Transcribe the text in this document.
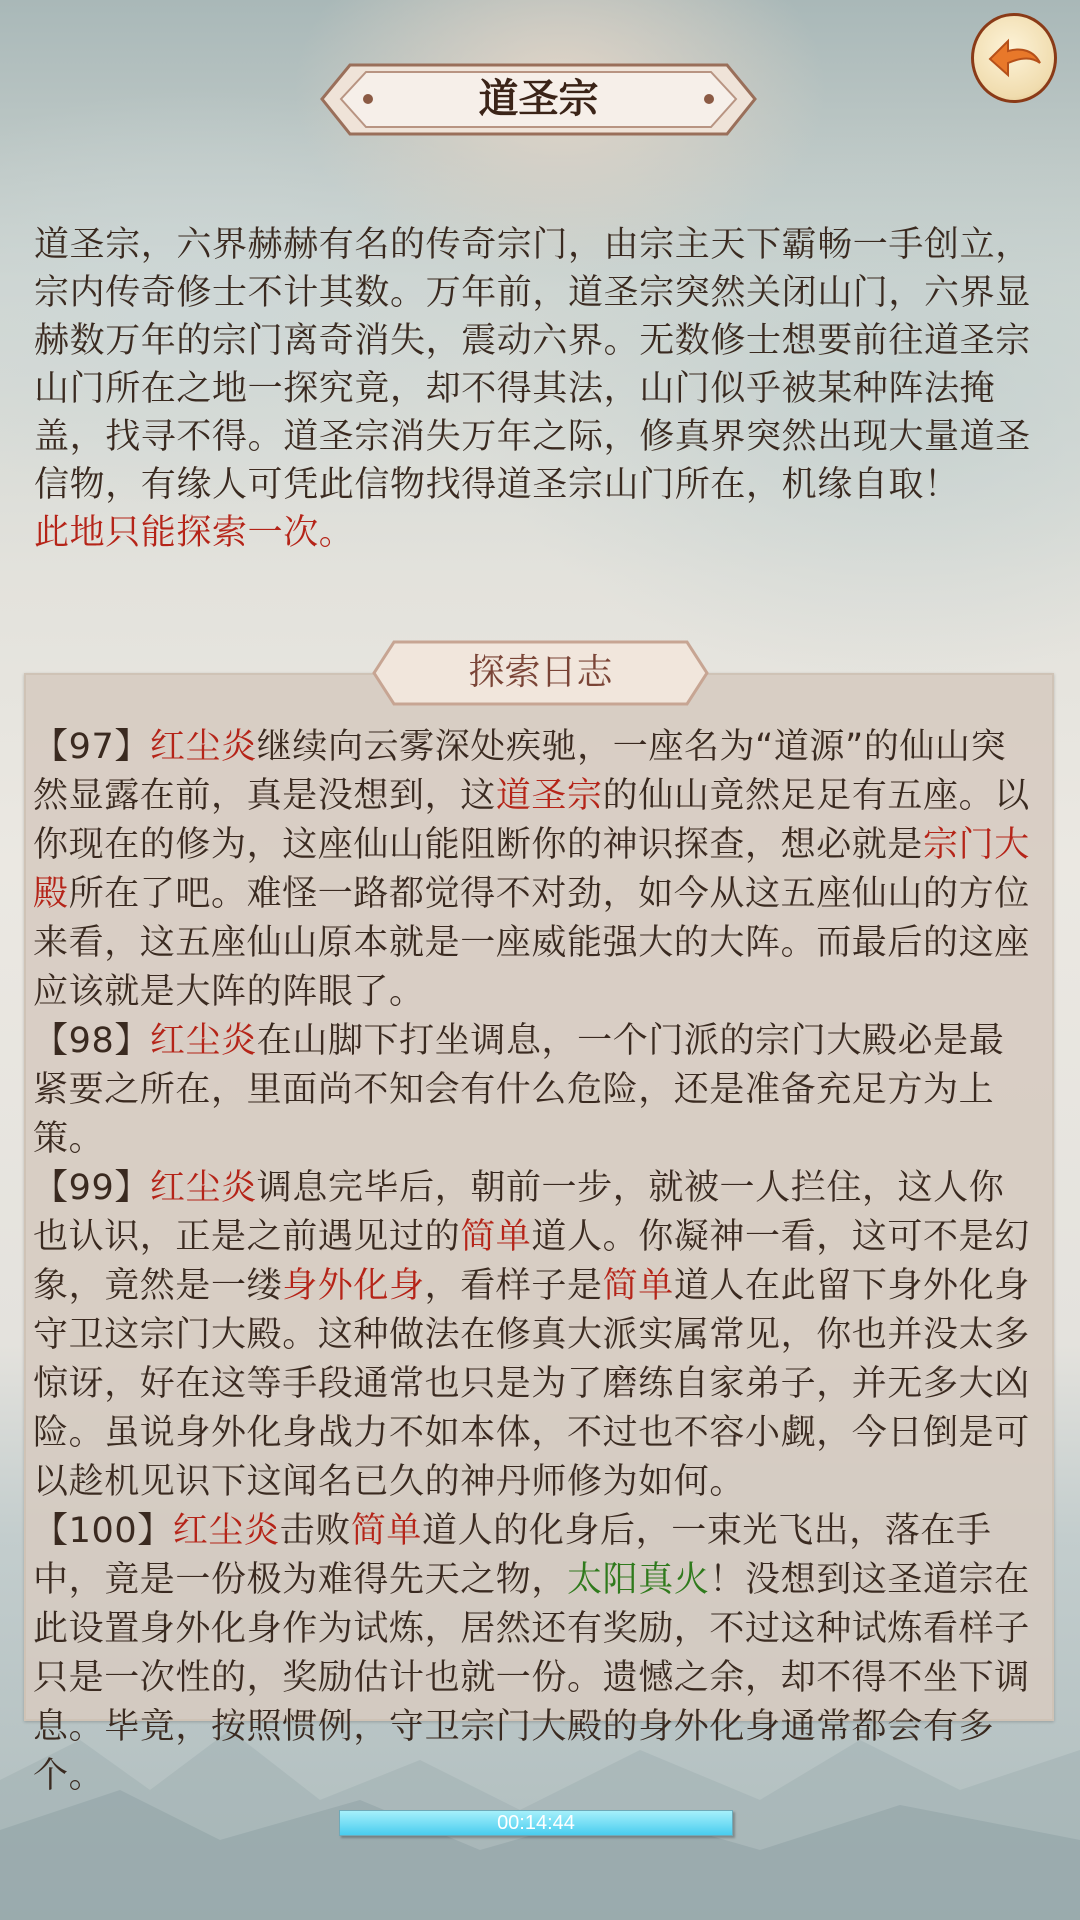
道圣宗
道圣宗，六界赫赫有名的传奇宗门，由宗主天下霸畅一手创立，宗内传奇修士不计其数。万年前，道圣宗突然关闭山门，六界显赫数万年的宗门离奇消失，震动六界。无数修士想要前往道圣宗山门所在之地一探究竟，却不得其法，山门似乎被某种阵法掩盖，找寻不得。道圣宗消失万年之际，修真界突然出现大量道圣信物，有缘人可凭此信物找得道圣宗山门所在，机缘自取！
此地只能探索一次。
探索日志
【97】红尘炎继续向云雾深处疾驰，一座名为“道源”的仙山突然显露在前，真是没想到，这道圣宗的仙山竟然足足有五座。以你现在的修为，这座仙山能阻断你的神识探查，想必就是宗门大殿所在了吧。难怪一路都觉得不对劲，如今从这五座仙山的方位来看，这五座仙山原本就是一座威能强大的大阵。而最后的这座应该就是大阵的阵眼了。
【98】红尘炎在山脚下打坐调息，一个门派的宗门大殿必是最紧要之所在，里面尚不知会有什么危险，还是准备充足方为上策。
【99】红尘炎调息完毕后，朝前一步，就被一人拦住，这人你也认识，正是之前遇见过的简单道人。你凝神一看，这可不是幻象，竟然是一缕身外化身，看样子是简单道人在此留下身外化身守卫这宗门大殿。这种做法在修真大派实属常见，你也并没太多惊讶，好在这等手段通常也只是为了磨练自家弟子，并无多大凶险。虽说身外化身战力不如本体，不过也不容小觑，今日倒是可以趁机见识下这闻名已久的神丹师修为如何。
【100】红尘炎击败简单道人的化身后，一束光飞出，落在手中，竟是一份极为难得先天之物，太阳真火！没想到这圣道宗在此设置身外化身作为试炼，居然还有奖励，不过这种试炼看样子只是一次性的，奖励估计也就一份。遗憾之余，却不得不坐下调息。毕竟，按照惯例，守卫宗门大殿的身外化身通常都会有多个。
00:14:44
